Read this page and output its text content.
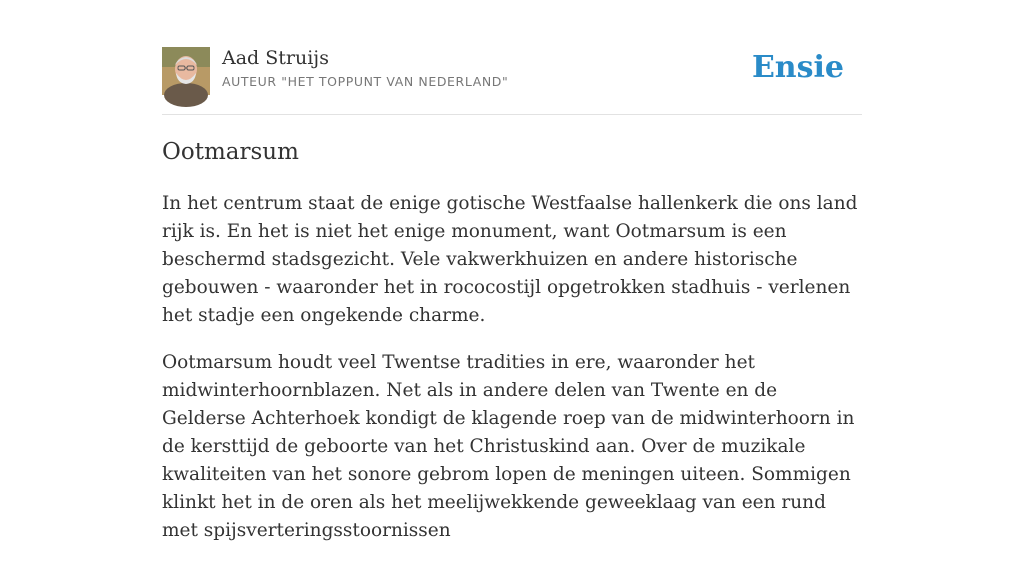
Aad Struijs
AUTEUR "HET TOPPUNT VAN NEDERLAND"	Ensie
Ootmarsum

In het centrum staat de enige gotische Westfaalse hallenkerk die ons land rijk is. En het is niet het enige monument, want Ootmarsum is een beschermd stadsgezicht. Vele vakwerkhuizen en andere historische gebouwen - waaronder het in rococostijl opgetrokken stadhuis - verlenen het stadje een ongekende charme.

Ootmarsum houdt veel Twentse tradities in ere, waaronder het midwinterhoornblazen. Net als in andere delen van Twente en de Gelderse Achterhoek kondigt de klagende roep van de midwinterhoorn in de kersttijd de geboorte van het Christuskind aan. Over de muzikale kwaliteiten van het sonore gebrom lopen de meningen uiteen. Sommigen klinkt het in de oren als het meelijwekkende geweeklaag van een rund met spijsverteringsstoornissen
